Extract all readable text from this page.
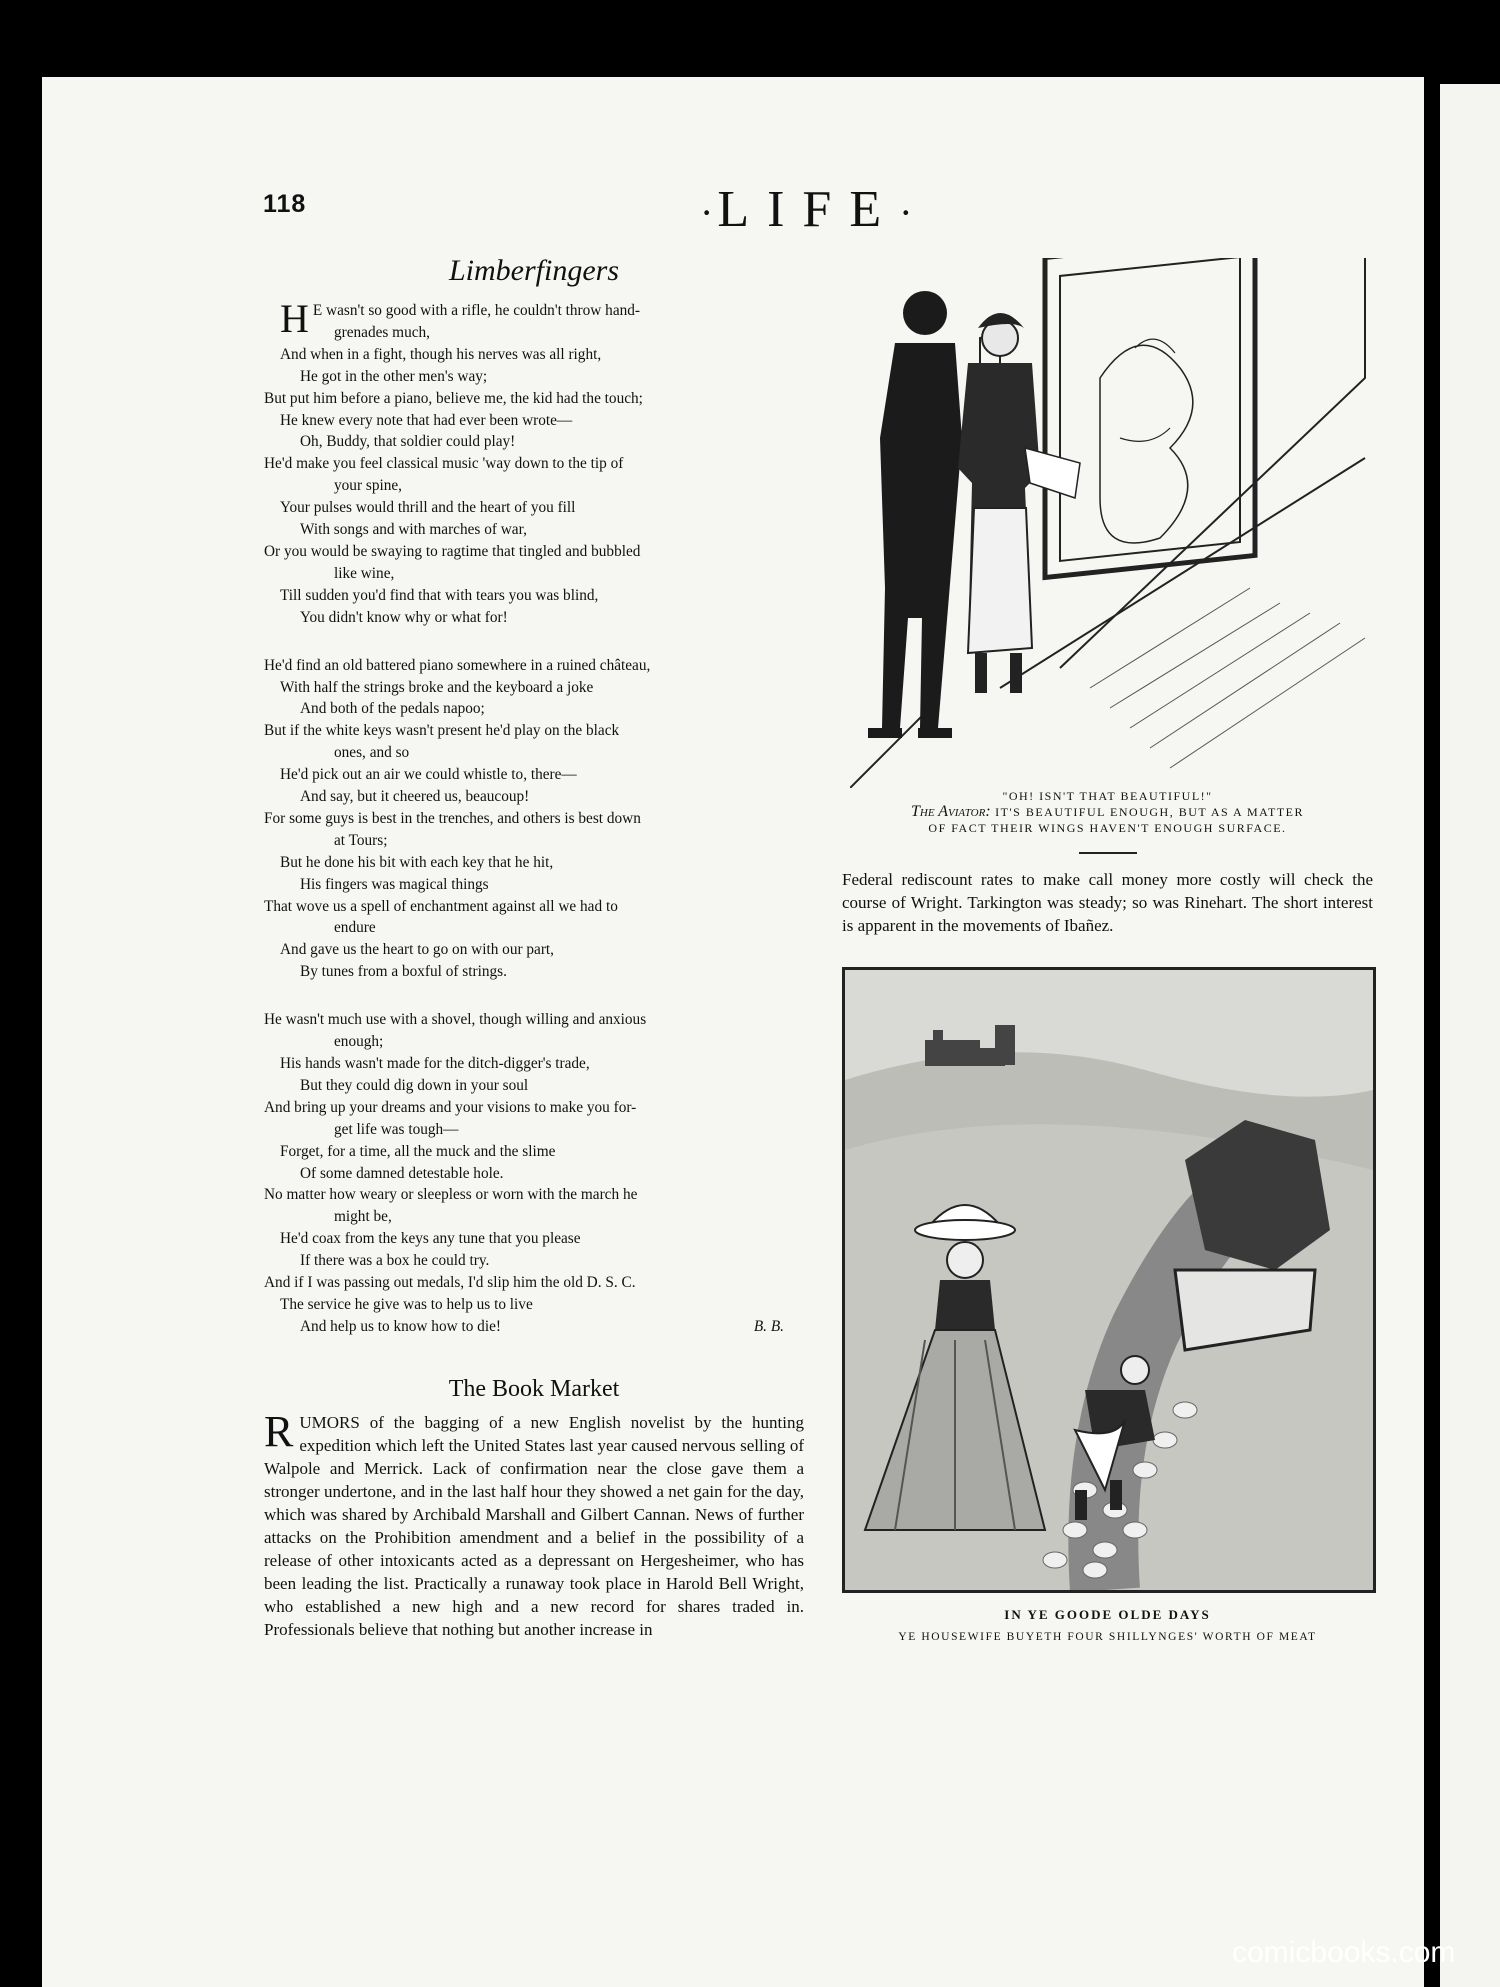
118	·LIFE·
Limberfingers
H E wasn't so good with a rifle, he couldn't throw hand-
grenades much,
And when in a fight, though his nerves was all right,
He got in the other men's way;
But put him before a piano, believe me, the kid had the touch;
He knew every note that had ever been wrote—
Oh, Buddy, that soldier could play!
He'd make you feel classical music 'way down to the tip of
your spine,
Your pulses would thrill and the heart of you fill
With songs and with marches of war,
Or you would be swaying to ragtime that tingled and bubbled
like wine,
Till sudden you'd find that with tears you was blind,
You didn't know why or what for!
He'd find an old battered piano somewhere in a ruined château,
With half the strings broke and the keyboard a joke
And both of the pedals napoo;
But if the white keys wasn't present he'd play on the black
ones, and so
He'd pick out an air we could whistle to, there—
And say, but it cheered us, beaucoup!
For some guys is best in the trenches, and others is best down
at Tours;
But he done his bit with each key that he hit,
His fingers was magical things
That wove us a spell of enchantment against all we had to
endure
And gave us the heart to go on with our part,
By tunes from a boxful of strings.
He wasn't much use with a shovel, though willing and anxious
enough;
His hands wasn't made for the ditch-digger's trade,
But they could dig down in your soul
And bring up your dreams and your visions to make you for-
get life was tough—
Forget, for a time, all the muck and the slime
Of some damned detestable hole.
No matter how weary or sleepless or worn with the march he
might be,
He'd coax from the keys any tune that you please
If there was a box he could try.
And if I was passing out medals, I'd slip him the old D. S. C.
The service he give was to help us to live
And help us to know how to die!	B. B.
The Book Market
RUMORS of the bagging of a new English novelist by the hunting expedition which left the United States last year caused nervous selling of Walpole and Merrick. Lack of confirmation near the close gave them a stronger undertone, and in the last half hour they showed a net gain for the day, which was shared by Archibald Marshall and Gilbert Cannan. News of further attacks on the Prohibition amendment and a belief in the possibility of a release of other intoxicants acted as a depressant on Hergesheimer, who has been leading the list. Practically a runaway took place in Harold Bell Wright, who established a new high and a new record for shares traded in. Professionals believe that nothing but another increase in
"OH! ISN'T THAT BEAUTIFUL!"
The Aviator: IT'S BEAUTIFUL ENOUGH, BUT AS A MATTER
OF FACT THEIR WINGS HAVEN'T ENOUGH SURFACE.
Federal rediscount rates to make call money more costly will check the course of Wright. Tarkington was steady; so was Rinehart. The short interest is apparent in the movements of Ibañez.
IN YE GOODE OLDE DAYS
YE HOUSEWIFE BUYETH FOUR SHILLYNGES' WORTH OF MEAT
comicbooks.com
